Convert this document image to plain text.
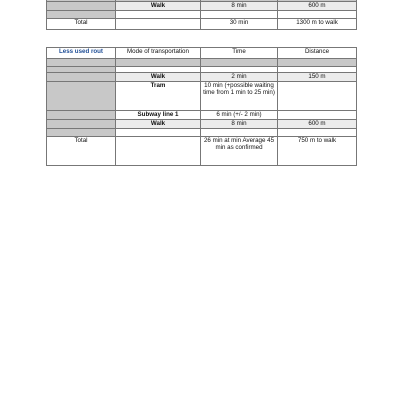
	Walk	8 min	600 m

Total		30 min	1300 m to walk
Less used rout	Mode of transportation	Time	Distance

	Walk	2 min	150 m
	Tram	10 min (+possible waiting time from 1 min to 25 min)	
	Subway line 1	6 min (+/- 2 min)	
	Walk	8 min	600 m

Total		26 min at min Average 45 min as confirmed	750 m to walk
